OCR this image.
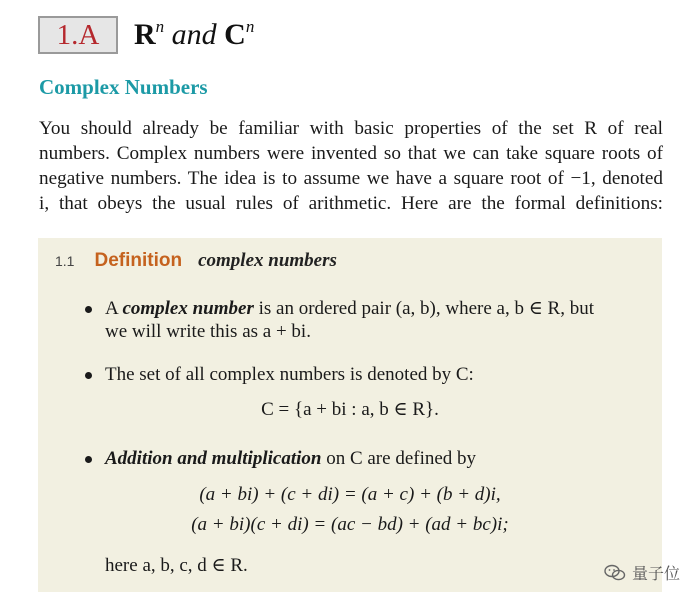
1.A	$R^n$ and $C^n$
Complex Numbers
You should already be familiar with basic properties of the set R of real
numbers. Complex numbers were invented so that we can take square roots of
negative numbers. The idea is to assume we have a square root of −1, denoted
i, that obeys the usual rules of arithmetic. Here are the formal definitions:
1.1 Definition complex numbers
A complex number is an ordered pair (a, b), where a, b ∈ R, but
we will write this as a + bi.
The set of all complex numbers is denoted by C:
C = {a + bi : a, b ∈ R}.
Addition and multiplication on C are defined by
(a + bi) + (c + di) = (a + c) + (b + d)i,
(a + bi)(c + di) = (ac − bd) + (ad + bc)i;
here a, b, c, d ∈ R.	量子位
